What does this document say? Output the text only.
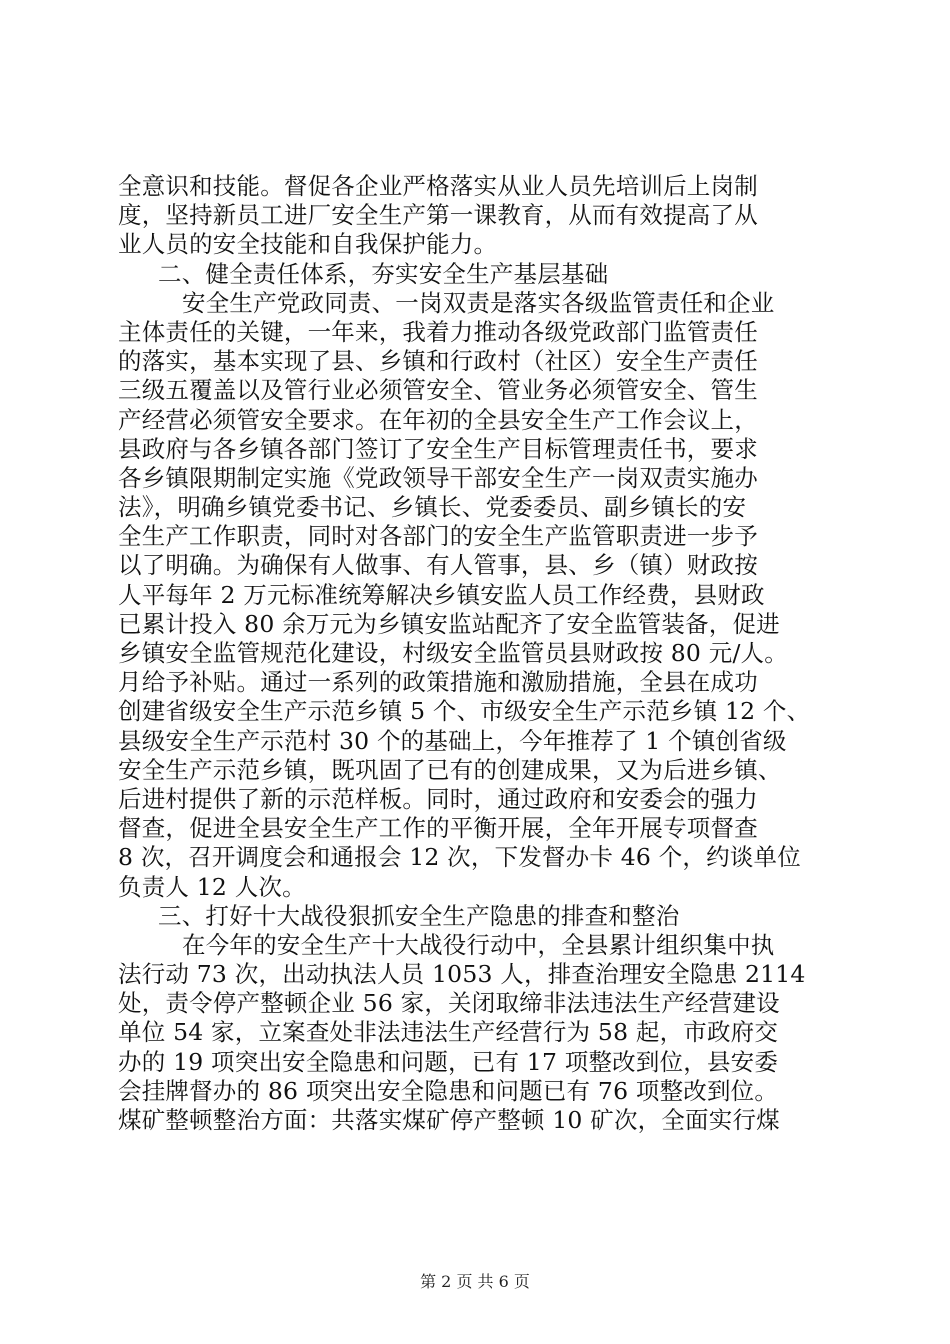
全意识和技能。督促各企业严格落实从业人员先培训后上岗制
度，坚持新员工进厂安全生产第一课教育，从而有效提高了从
业人员的安全技能和自我保护能力。
二、健全责任体系，夯实安全生产基层基础
安全生产党政同责、一岗双责是落实各级监管责任和企业
主体责任的关键，一年来，我着力推动各级党政部门监管责任
的落实，基本实现了县、乡镇和行政村（社区）安全生产责任
三级五覆盖以及管行业必须管安全、管业务必须管安全、管生
产经营必须管安全要求。在年初的全县安全生产工作会议上，
县政府与各乡镇各部门签订了安全生产目标管理责任书，要求
各乡镇限期制定实施《党政领导干部安全生产一岗双责实施办
法》，明确乡镇党委书记、乡镇长、党委委员、副乡镇长的安
全生产工作职责，同时对各部门的安全生产监管职责进一步予
以了明确。为确保有人做事、有人管事，县、乡（镇）财政按
人平每年 2 万元标准统筹解决乡镇安监人员工作经费，县财政
已累计投入 80 余万元为乡镇安监站配齐了安全监管装备，促进
乡镇安全监管规范化建设，村级安全监管员县财政按 80 元/人。
月给予补贴。通过一系列的政策措施和激励措施，全县在成功
创建省级安全生产示范乡镇 5 个、市级安全生产示范乡镇 12 个、
县级安全生产示范村 30 个的基础上，今年推荐了 1 个镇创省级
安全生产示范乡镇，既巩固了已有的创建成果，又为后进乡镇、
后进村提供了新的示范样板。同时，通过政府和安委会的强力
督查，促进全县安全生产工作的平衡开展，全年开展专项督查
8 次，召开调度会和通报会 12 次，下发督办卡 46 个，约谈单位
负责人 12 人次。
三、打好十大战役狠抓安全生产隐患的排查和整治
在今年的安全生产十大战役行动中，全县累计组织集中执
法行动 73 次，出动执法人员 1053 人，排查治理安全隐患 2114
处，责令停产整顿企业 56 家，关闭取缔非法违法生产经营建设
单位 54 家，立案查处非法违法生产经营行为 58 起，市政府交
办的 19 项突出安全隐患和问题，已有 17 项整改到位，县安委
会挂牌督办的 86 项突出安全隐患和问题已有 76 项整改到位。
煤矿整顿整治方面：共落实煤矿停产整顿 10 矿次，全面实行煤
第 2 页 共 6 页
